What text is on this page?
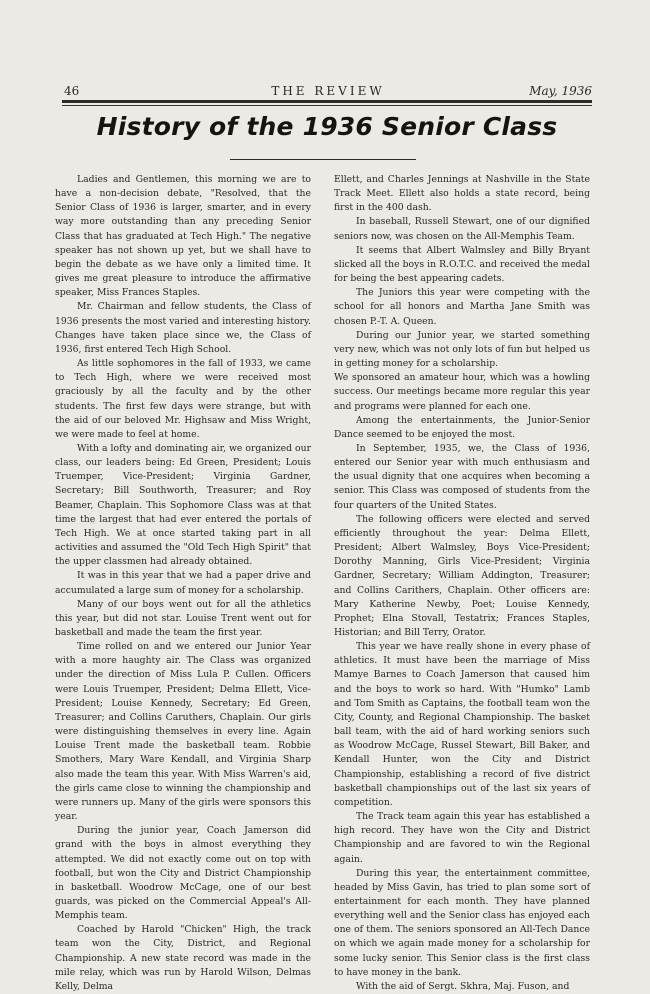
46	THE REVIEW	May, 1936
History of the 1936 Senior Class

Ladies and Gentlemen, this morning we are to have a non-decision debate, "Resolved, that the Senior Class of 1936 is larger, smarter, and in every way more outstanding than any preceding Senior Class that has graduated at Tech High." The negative speaker has not shown up yet, but we shall have to begin the debate as we have only a limited time. It gives me great pleasure to introduce the affirmative speaker, Miss Frances Staples.

Mr. Chairman and fellow students, the Class of 1936 presents the most varied and interesting history. Changes have taken place since we, the Class of 1936, first entered Tech High School.

As little sophomores in the fall of 1933, we came to Tech High, where we were received most graciously by all the faculty and by the other students. The first few days were strange, but with the aid of our beloved Mr. Highsaw and Miss Wright, we were made to feel at home.

With a lofty and dominating air, we organized our class, our leaders being: Ed Green, President; Louis Truemper, Vice-President; Virginia Gardner, Secretary; Bill Southworth, Treasurer; and Roy Beamer, Chaplain. This Sophomore Class was at that time the largest that had ever entered the portals of Tech High. We at once started taking part in all activities and assumed the "Old Tech High Spirit" that the upper classmen had already obtained.

It was in this year that we had a paper drive and accumulated a large sum of money for a scholarship.

Many of our boys went out for all the athletics this year, but did not star. Louise Trent went out for basketball and made the team the first year.

Time rolled on and we entered our Junior Year with a more haughty air. The Class was organized under the direction of Miss Lula P. Cullen. Officers were Louis Truemper, President; Delma Ellett, Vice-President; Louise Kennedy, Secretary; Ed Green, Treasurer; and Collins Caruthers, Chaplain. Our girls were distinguishing themselves in every line. Again Louise Trent made the basketball team. Robbie Smothers, Mary Ware Kendall, and Virginia Sharp also made the team this year. With Miss Warren's aid, the girls came close to winning the championship and were runners up. Many of the girls were sponsors this year.

During the junior year, Coach Jamerson did grand with the boys in almost everything they attempted. We did not exactly come out on top with football, but won the City and District Championship in basketball. Woodrow McCage, one of our best guards, was picked on the Commercial Appeal's All-Memphis team.

Coached by Harold "Chicken" High, the track team won the City, District, and Regional Championship. A new state record was made in the mile relay, which was run by Harold Wilson, Delmas Kelly, Delma

Ellett, and Charles Jennings at Nashville in the State Track Meet. Ellett also holds a state record, being first in the 400 dash.

In baseball, Russell Stewart, one of our dignified seniors now, was chosen on the All-Memphis Team.

It seems that Albert Walmsley and Billy Bryant slicked all the boys in R.O.T.C. and received the medal for being the best appearing cadets.

The Juniors this year were competing with the school for all honors and Martha Jane Smith was chosen P.-T. A. Queen.

During our Junior year, we started something very new, which was not only lots of fun but helped us in getting money for a scholarship.

We sponsored an amateur hour, which was a howling success. Our meetings became more regular this year and programs were planned for each one.

Among the entertainments, the Junior-Senior Dance seemed to be enjoyed the most.

In September, 1935, we, the Class of 1936, entered our Senior year with much enthusiasm and the usual dignity that one acquires when becoming a senior. This Class was composed of students from the four quarters of the United States.

The following officers were elected and served efficiently throughout the year: Delma Ellett, President; Albert Walmsley, Boys Vice-President; Dorothy Manning, Girls Vice-President; Virginia Gardner, Secretary; William Addington, Treasurer; and Collins Carithers, Chaplain. Other officers are: Mary Katherine Newby, Poet; Louise Kennedy, Prophet; Elna Stovall, Testatrix; Frances Staples, Historian; and Bill Terry, Orator.

This year we have really shone in every phase of athletics. It must have been the marriage of Miss Mamye Barnes to Coach Jamerson that caused him and the boys to work so hard. With "Humko" Lamb and Tom Smith as Captains, the football team won the City, County, and Regional Championship. The basket ball team, with the aid of hard working seniors such as Woodrow McCage, Russel Stewart, Bill Baker, and Kendall Hunter, won the City and District Championship, establishing a record of five district basketball championships out of the last six years of competition.

The Track team again this year has established a high record. They have won the City and District Championship and are favored to win the Regional again.

During this year, the entertainment committee, headed by Miss Gavin, has tried to plan some sort of entertainment for each month. They have planned everything well and the Senior class has enjoyed each one of them. The seniors sponsored an All-Tech Dance on which we again made money for a scholarship for some lucky senior. This Senior class is the first class to have money in the bank.

With the aid of Sergt. Skhra, Maj. Fuson, and
